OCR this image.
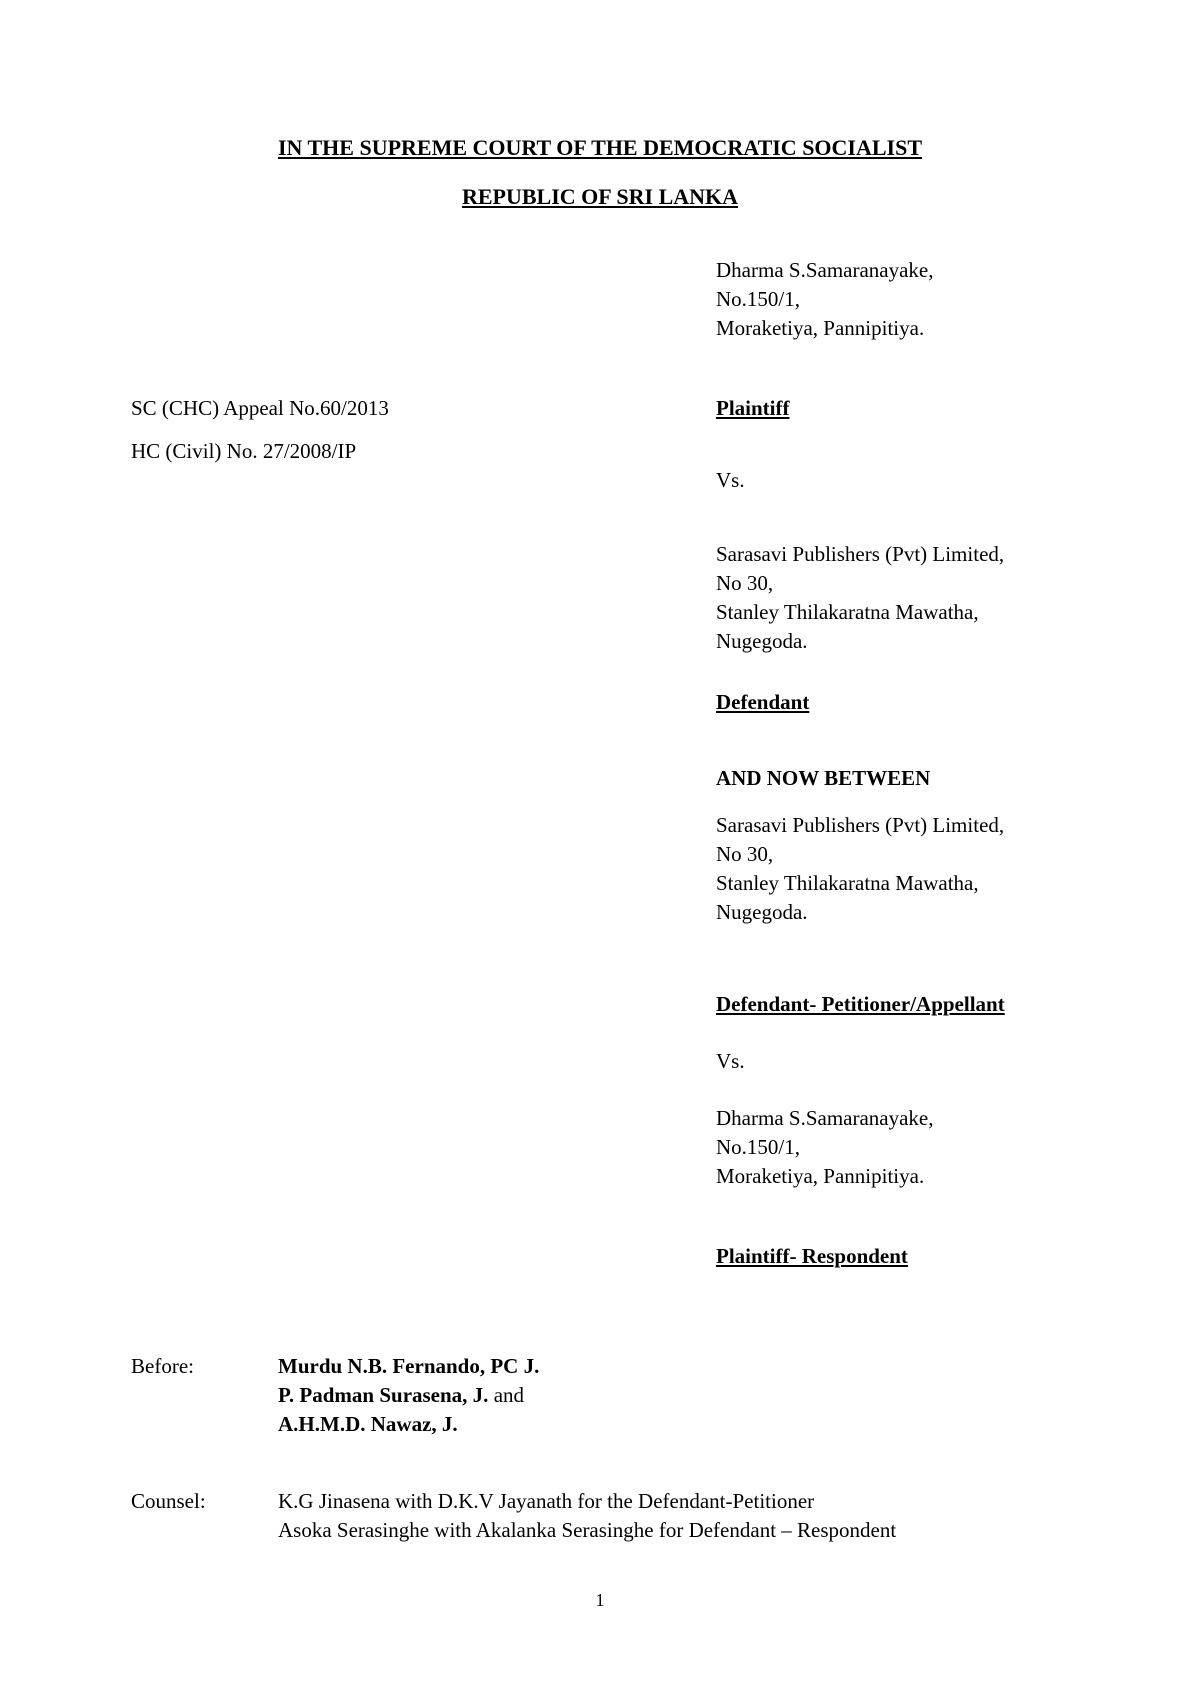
IN THE SUPREME COURT OF THE DEMOCRATIC SOCIALIST
REPUBLIC OF SRI LANKA
Dharma S.Samaranayake,
No.150/1,
Moraketiya, Pannipitiya.
SC (CHC) Appeal No.60/2013
HC (Civil) No. 27/2008/IP
Plaintiff
Vs.
Sarasavi Publishers (Pvt) Limited,
No 30,
Stanley Thilakaratna Mawatha,
Nugegoda.
Defendant
AND NOW BETWEEN
Sarasavi Publishers (Pvt) Limited,
No 30,
Stanley Thilakaratna Mawatha,
Nugegoda.
Defendant- Petitioner/Appellant
Vs.
Dharma S.Samaranayake,
No.150/1,
Moraketiya, Pannipitiya.
Plaintiff- Respondent
Before:	Murdu N.B. Fernando, PC J.
P. Padman Surasena, J. and
A.H.M.D. Nawaz, J.
Counsel:	K.G Jinasena with D.K.V Jayanath for the Defendant-Petitioner
Asoka Serasinghe with Akalanka Serasinghe for Defendant – Respondent
1
